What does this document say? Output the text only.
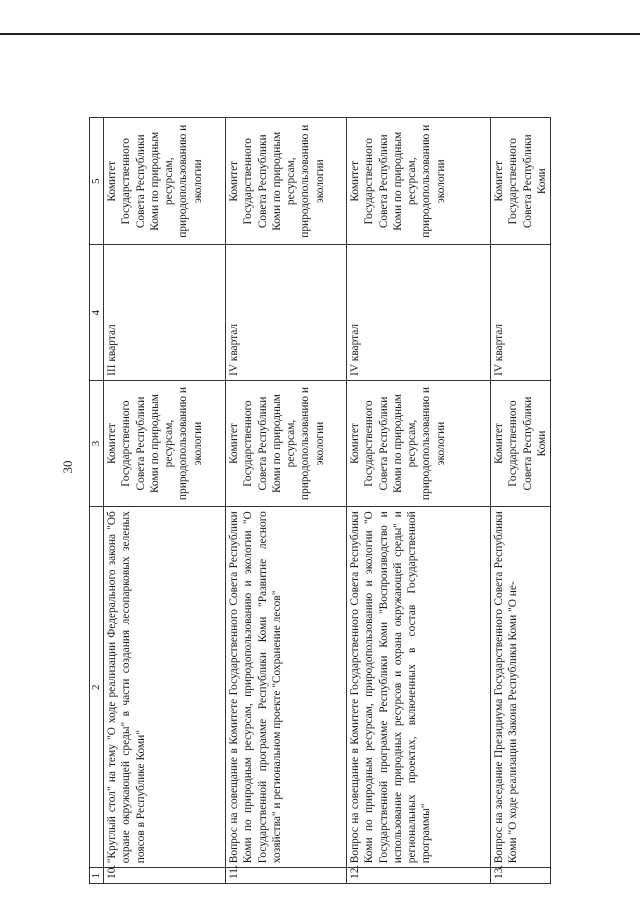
30
1	2	3	4	5
10.	"Круглый стол" на тему "О ходе реализации Федерального закона "Об охране окружающей среды" в части создания лесопарковых зеленых поясов в Республике Коми"	Комитет Государственного Совета Республики Коми по природным ресурсам, природопользованию и экологии	III квартал	Комитет Государственного Совета Республики Коми по природным ресурсам, природопользованию и экологии
11.	Вопрос на совещание в Комитете Государственного Совета Республики Коми по природным ресурсам, природопользованию и экологии "О Государственной программе Республики Коми "Развитие лесного хозяйства" и региональном проекте "Сохранение лесов"	Комитет Государственного Совета Республики Коми по природным ресурсам, природопользованию и экологии	IV квартал	Комитет Государственного Совета Республики Коми по природным ресурсам, природопользованию и экологии
12.	Вопрос на совещание в Комитете Государственного Совета Республики Коми по природным ресурсам, природопользованию и экологии "О Государственной программе Республики Коми "Воспроизводство и использование природных ресурсов и охрана окружающей среды" и региональных проектах, включенных в состав Государственной программы"	Комитет Государственного Совета Республики Коми по природным ресурсам, природопользованию и экологии	IV квартал	Комитет Государственного Совета Республики Коми по природным ресурсам, природопользованию и экологии
13.	Вопрос на заседание Президиума Государственного Совета Республики Коми "О ходе реализации Закона Республики Коми "О не-	Комитет Государственного Совета Республики Коми	IV квартал	Комитет Государственного Совета Республики Коми
